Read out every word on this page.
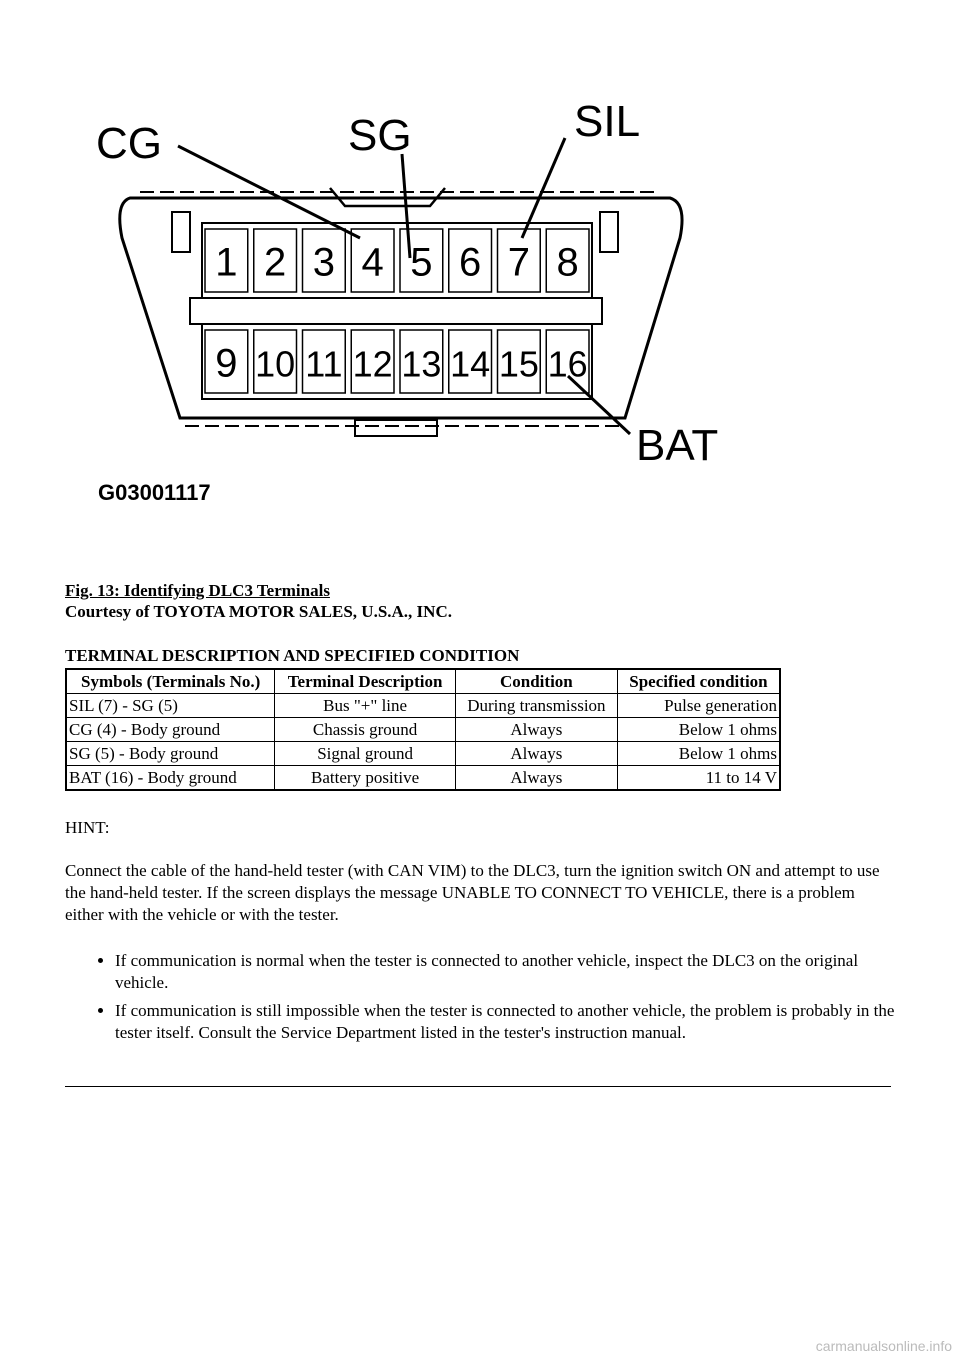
1 2 3 4 5 6 7 8
9 10 11 12 13 14 15 16
CG	SG	SIL
BAT
G03001117
Fig. 13: Identifying DLC3 Terminals
Courtesy of TOYOTA MOTOR SALES, U.S.A., INC.
TERMINAL DESCRIPTION AND SPECIFIED CONDITION
Symbols (Terminals No.)	Terminal Description	Condition	Specified condition
SIL (7) - SG (5)	Bus "+" line	During transmission	Pulse generation
CG (4) - Body ground	Chassis ground	Always	Below 1 ohms
SG (5) - Body ground	Signal ground	Always	Below 1 ohms
BAT (16) - Body ground	Battery positive	Always	11 to 14 V
HINT:

Connect the cable of the hand-held tester (with CAN VIM) to the DLC3, turn the ignition switch ON and attempt to use the hand-held tester. If the screen displays the message UNABLE TO CONNECT TO VEHICLE, there is a problem either with the vehicle or with the tester.

• If communication is normal when the tester is connected to another vehicle, inspect the DLC3 on the original vehicle.
• If communication is still impossible when the tester is connected to another vehicle, the problem is probably in the tester itself. Consult the Service Department listed in the tester's instruction manual.
carmanualsonline.info
